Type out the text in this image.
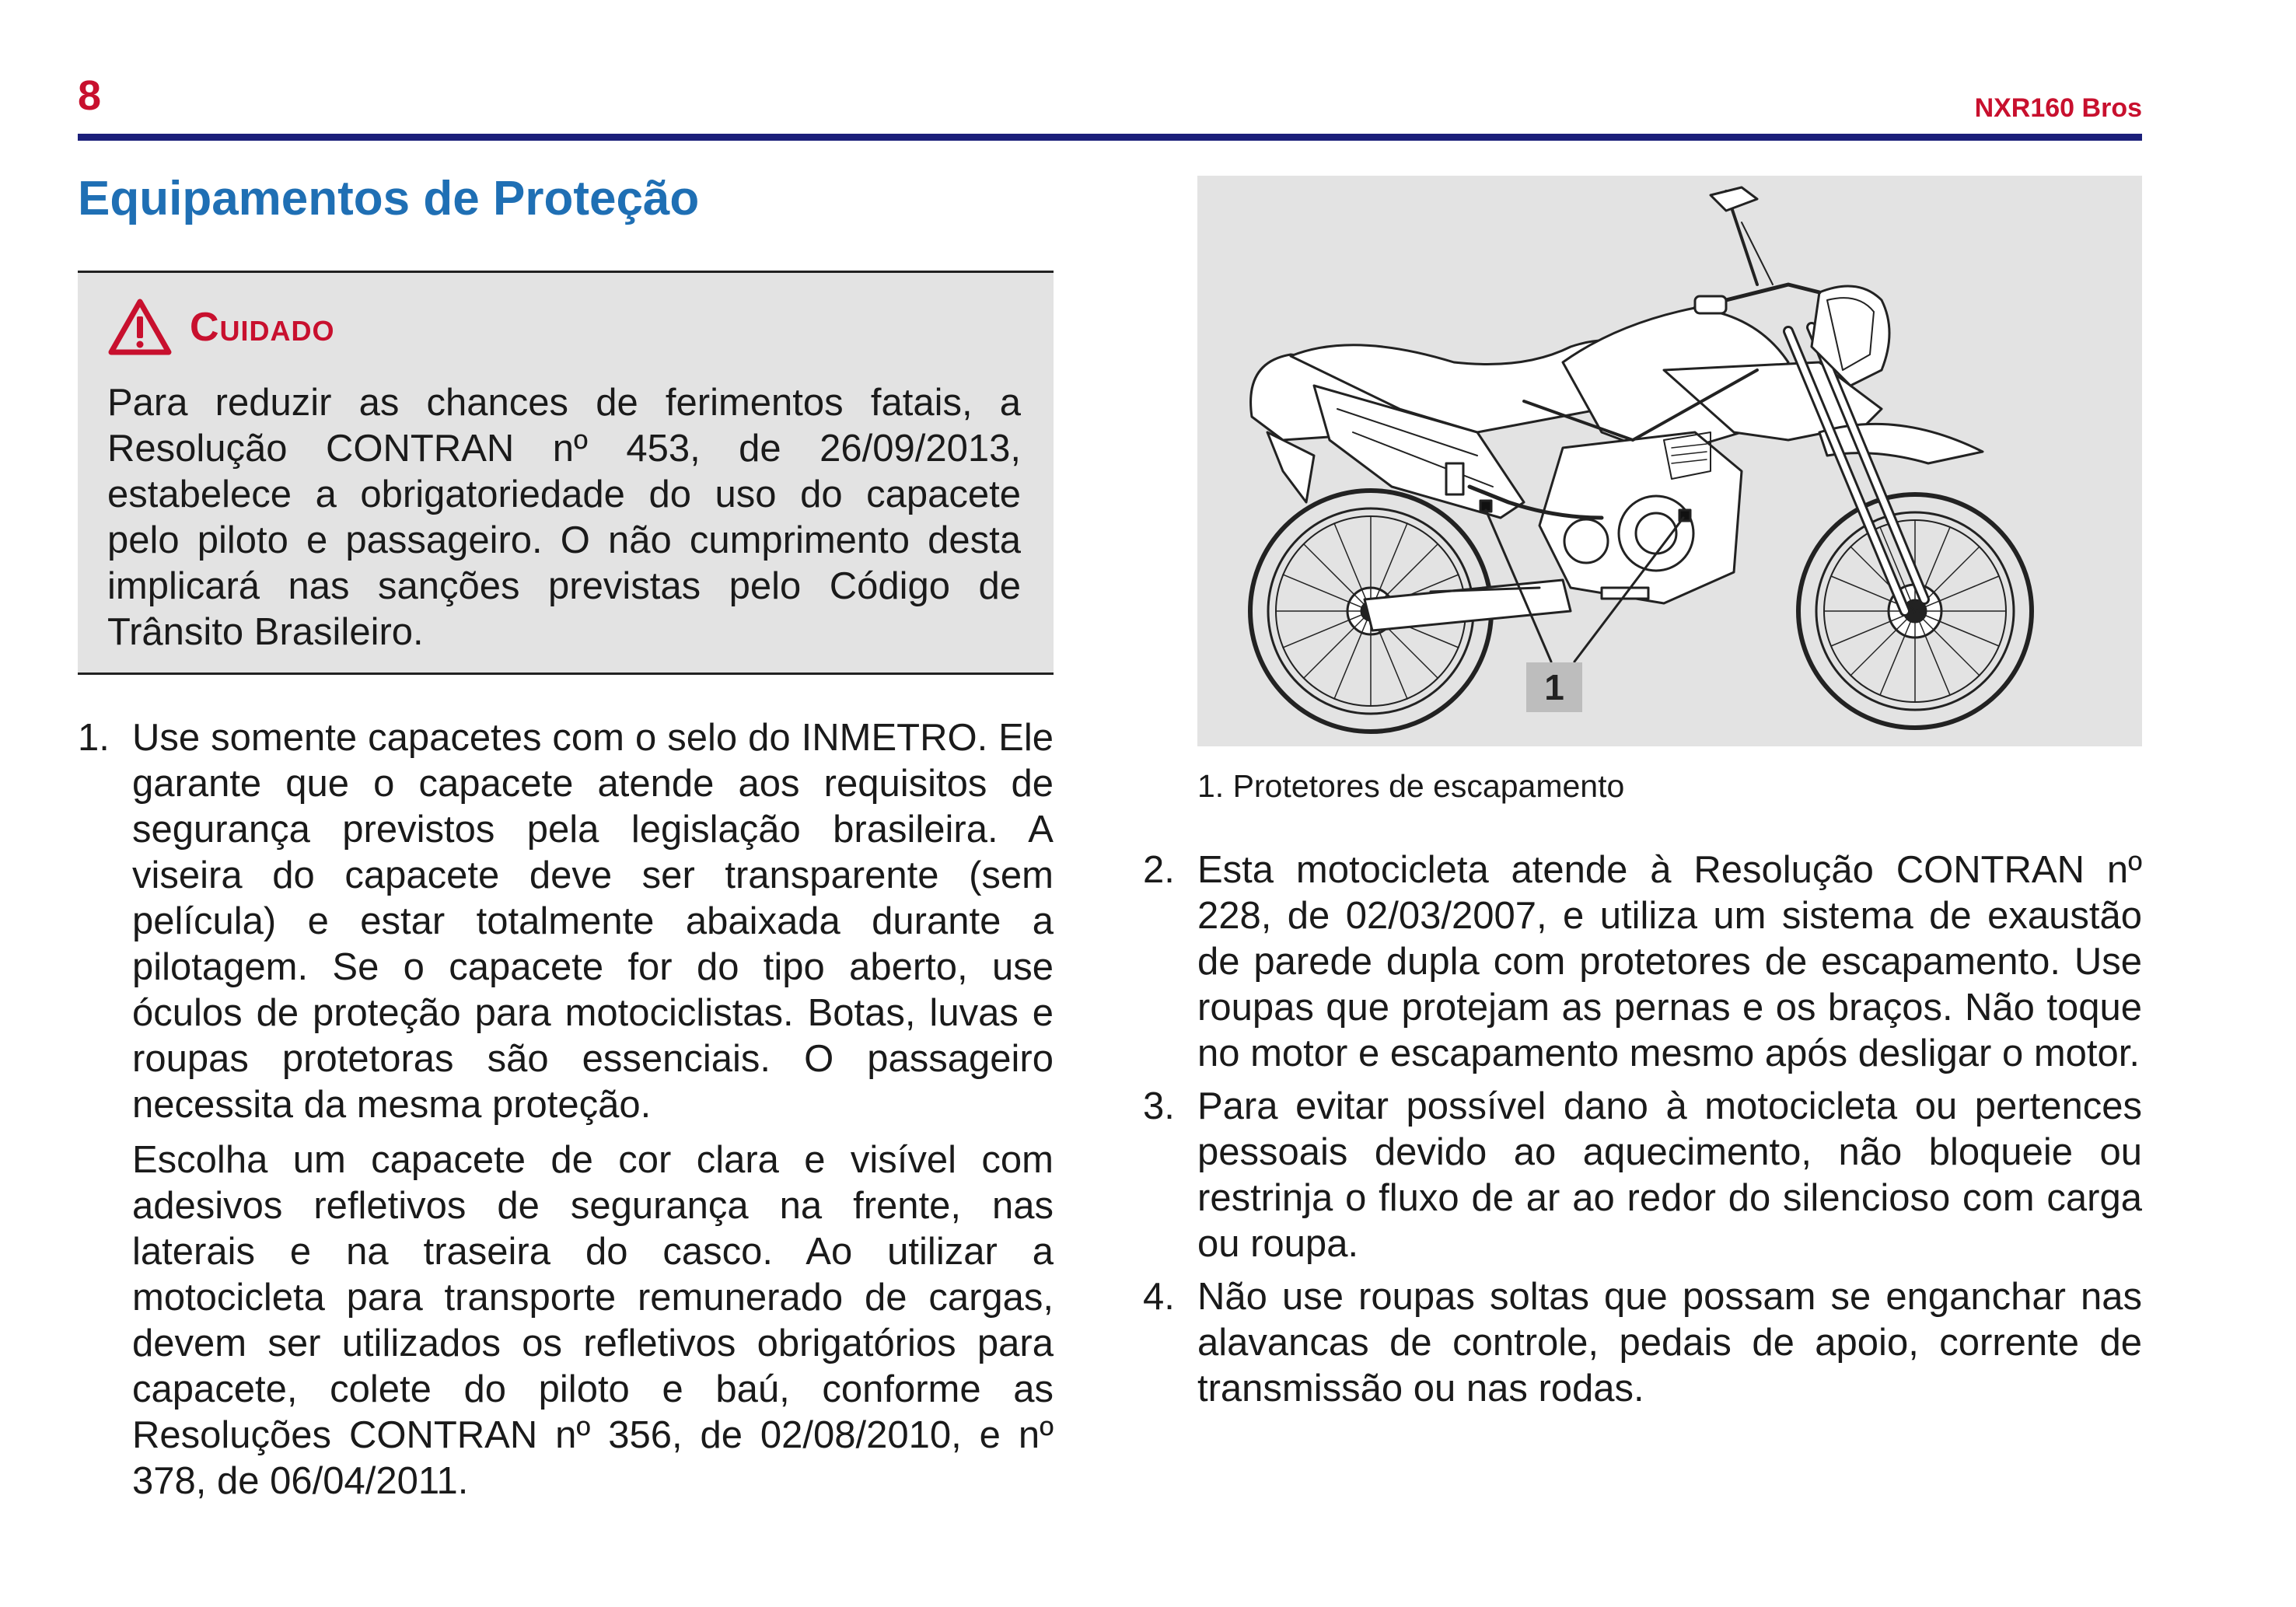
8	NXR160 Bros
Equipamentos de Proteção
Cuidado

Para reduzir as chances de ferimentos fatais, a Resolução CONTRAN nº 453, de 26/09/2013, estabelece a obrigatoriedade do uso do capacete pelo piloto e passageiro. O não cumprimento desta implicará nas sanções previstas pelo Código de Trânsito Brasileiro.

1. Use somente capacetes com o selo do INMETRO. Ele garante que o capacete atende aos requisitos de segurança previstos pela legislação brasileira. A viseira do capacete deve ser transparente (sem película) e estar totalmente abaixada durante a pilotagem. Se o capacete for do tipo aberto, use óculos de proteção para motociclistas. Botas, luvas e roupas protetoras são essenciais. O passageiro necessita da mesma proteção.

Escolha um capacete de cor clara e visível com adesivos refletivos de segurança na frente, nas laterais e na traseira do casco. Ao utilizar a motocicleta para transporte remunerado de cargas, devem ser utilizados os refletivos obrigatórios para capacete, colete do piloto e baú, conforme as Resoluções CONTRAN nº 356, de 02/08/2010, e nº 378, de 06/04/2011.

1

1. Protetores de escapamento

2. Esta motocicleta atende à Resolução CONTRAN nº 228, de 02/03/2007, e utiliza um sistema de exaustão de parede dupla com protetores de escapamento. Use roupas que protejam as pernas e os braços. Não toque no motor e escapamento mesmo após desligar o motor.

3. Para evitar possível dano à motocicleta ou pertences pessoais devido ao aquecimento, não bloqueie ou restrinja o fluxo de ar ao redor do silencioso com carga ou roupa.

4. Não use roupas soltas que possam se enganchar nas alavancas de controle, pedais de apoio, corrente de transmissão ou nas rodas.
